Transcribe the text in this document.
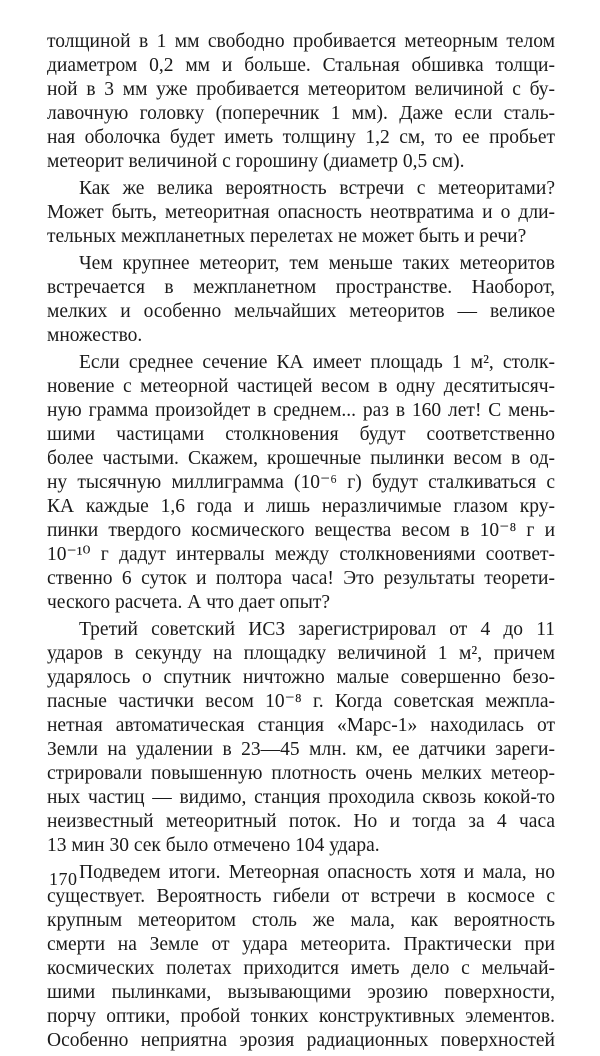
толщиной в 1 мм свободно пробивается метеорным телом
диаметром 0,2 мм и больше. Стальная обшивка толщи-
ной в 3 мм уже пробивается метеоритом величиной с бу-
лавочную головку (поперечник 1 мм). Даже если сталь-
ная оболочка будет иметь толщину 1,2 см, то ее пробьет
метеорит величиной с горошину (диаметр 0,5 см).
Как же велика вероятность встречи с метеоритами?
Может быть, метеоритная опасность неотвратима и о дли-
тельных межпланетных перелетах не может быть и речи?
Чем крупнее метеорит, тем меньше таких метеоритов
встречается в межпланетном пространстве. Наоборот,
мелких и особенно мельчайших метеоритов — великое
множество.
Если среднее сечение КА имеет площадь 1 м², столк-
новение с метеорной частицей весом в одну десятитысяч-
ную грамма произойдет в среднем... раз в 160 лет! С мень-
шими частицами столкновения будут соответственно
более частыми. Скажем, крошечные пылинки весом в од-
ну тысячную миллиграмма (10⁻⁶ г) будут сталкиваться с
КА каждые 1,6 года и лишь неразличимые глазом кру-
пинки твердого космического вещества весом в 10⁻⁸ г и
10⁻¹⁰ г дадут интервалы между столкновениями соответ-
ственно 6 суток и полтора часа! Это результаты теорети-
ческого расчета. А что дает опыт?
Третий советский ИСЗ зарегистрировал от 4 до 11
ударов в секунду на площадку величиной 1 м², причем
ударялось о спутник ничтожно малые совершенно безо-
пасные частички весом 10⁻⁸ г. Когда советская межпла-
нетная автоматическая станция «Марс-1» находилась от
Земли на удалении в 23—45 млн. км, ее датчики зареги-
стрировали повышенную плотность очень мелких метеор-
ных частиц — видимо, станция проходила сквозь кокой-то
неизвестный метеоритный поток. Но и тогда за 4 часа
13 мин 30 сек было отмечено 104 удара.
Подведем итоги. Метеорная опасность хотя и мала, но
существует. Вероятность гибели от встречи в космосе с
крупным метеоритом столь же мала, как вероятность
смерти на Земле от удара метеорита. Практически при
космических полетах приходится иметь дело с мельчай-
шими пылинками, вызывающими эрозию поверхности,
порчу оптики, пробой тонких конструктивных элементов.
Особенно неприятна эрозия радиационных поверхностей
170
